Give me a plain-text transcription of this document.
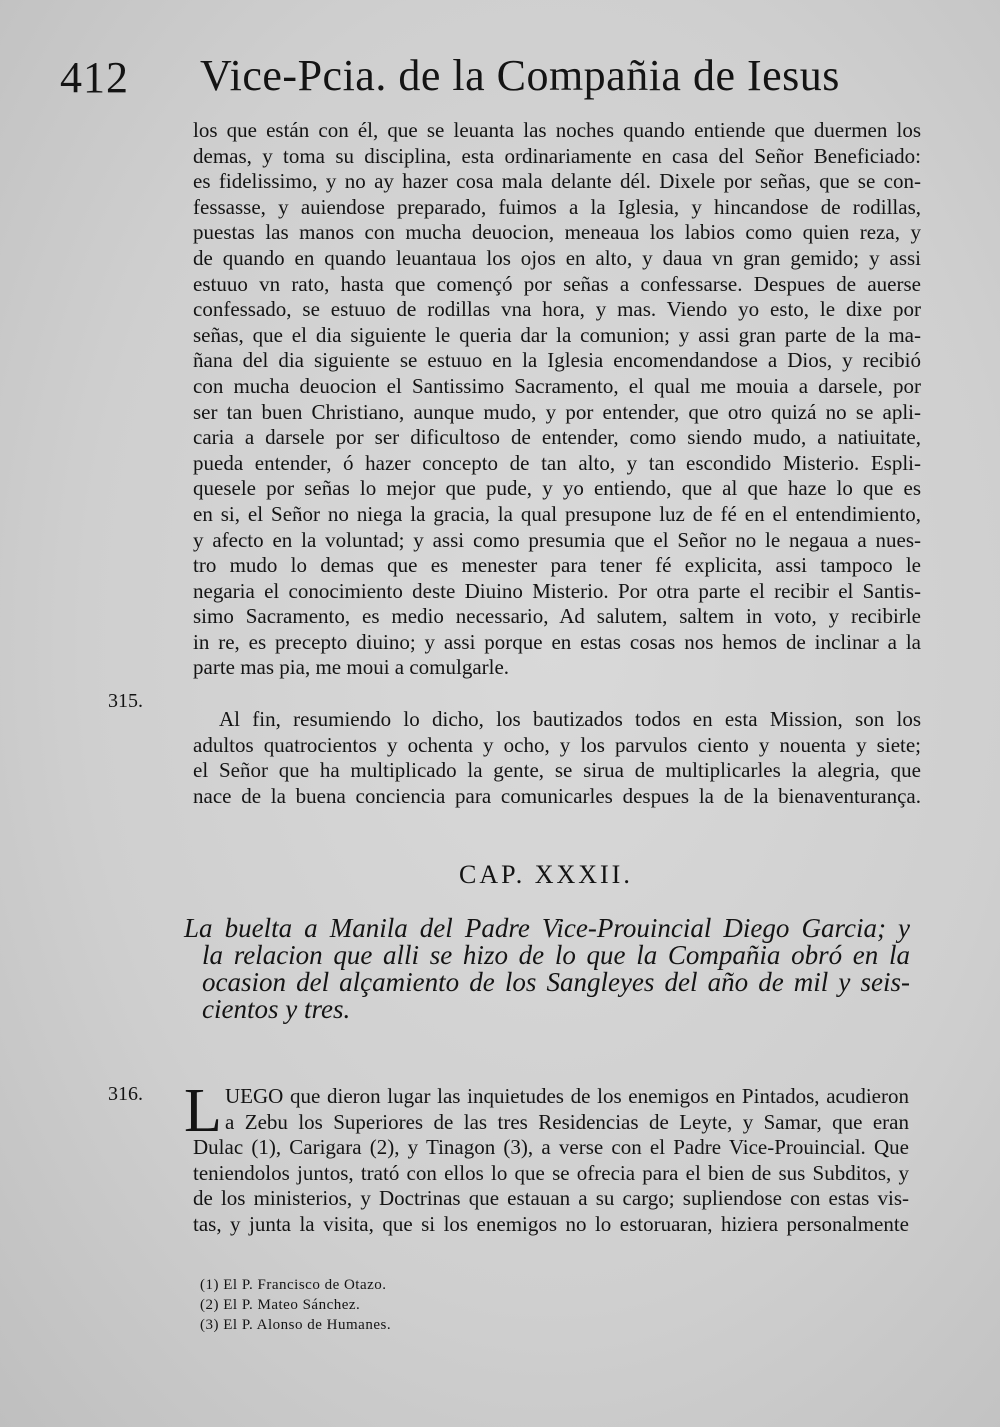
412 Vice-Pcia. de la Compañia de Iesus
los que están con él, que se leuanta las noches quando entiende que duermen los
demas, y toma su disciplina, esta ordinariamente en casa del Señor Beneficiado:
es fidelissimo, y no ay hazer cosa mala delante dél. Dixele por señas, que se con-
fessasse, y auiendose preparado, fuimos a la Iglesia, y hincandose de rodillas,
puestas las manos con mucha deuocion, meneaua los labios como quien reza, y
de quando en quando leuantaua los ojos en alto, y daua vn gran gemido; y assi
estuuo vn rato, hasta que començó por señas a confessarse. Despues de auerse
confessado, se estuuo de rodillas vna hora, y mas. Viendo yo esto, le dixe por
señas, que el dia siguiente le queria dar la comunion; y assi gran parte de la ma-
ñana del dia siguiente se estuuo en la Iglesia encomendandose a Dios, y recibió
con mucha deuocion el Santissimo Sacramento, el qual me mouia a darsele, por
ser tan buen Christiano, aunque mudo, y por entender, que otro quizá no se apli-
caria a darsele por ser dificultoso de entender, como siendo mudo, a natiuitate,
pueda entender, ó hazer concepto de tan alto, y tan escondido Misterio. Espli-
quesele por señas lo mejor que pude, y yo entiendo, que al que haze lo que es
en si, el Señor no niega la gracia, la qual presupone luz de fé en el entendimiento,
y afecto en la voluntad; y assi como presumia que el Señor no le negaua a nues-
tro mudo lo demas que es menester para tener fé explicita, assi tampoco le
negaria el conocimiento deste Diuino Misterio. Por otra parte el recibir el Santis-
simo Sacramento, es medio necessario, Ad salutem, saltem in voto, y recibirle
in re, es precepto diuino; y assi porque en estas cosas nos hemos de inclinar a la
parte mas pia, me moui a comulgarle.
315.
Al fin, resumiendo lo dicho, los bautizados todos en esta Mission, son los
adultos quatrocientos y ochenta y ocho, y los parvulos ciento y nouenta y siete;
el Señor que ha multiplicado la gente, se sirua de multiplicarles la alegria, que
nace de la buena conciencia para comunicarles despues la de la bienaventurança.
CAP. XXXII.
La buelta a Manila del Padre Vice-Prouincial Diego Garcia; y
la relacion que alli se hizo de lo que la Compañia obró en la
ocasion del alçamiento de los Sangleyes del año de mil y seis-
cientos y tres.
316. L UEGO que dieron lugar las inquietudes de los enemigos en Pintados, acudieron
a Zebu los Superiores de las tres Residencias de Leyte, y Samar, que eran
Dulac (1), Carigara (2), y Tinagon (3), a verse con el Padre Vice-Prouincial. Que
teniendolos juntos, trató con ellos lo que se ofrecia para el bien de sus Subditos, y
de los ministerios, y Doctrinas que estauan a su cargo; supliendose con estas vis-
tas, y junta la visita, que si los enemigos no lo estoruaran, hiziera personalmente
(1) El P. Francisco de Otazo.
(2) El P. Mateo Sánchez.
(3) El P. Alonso de Humanes.
